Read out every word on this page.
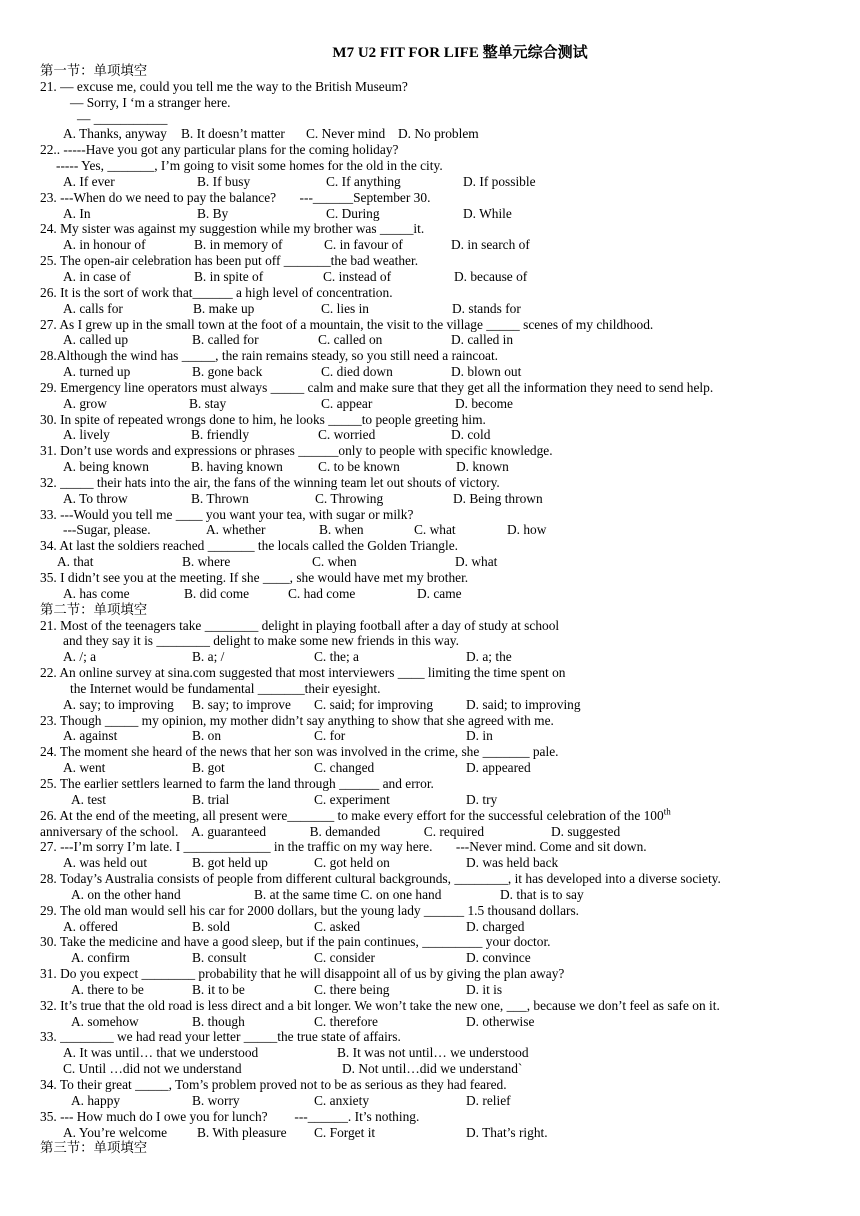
M7 U2 FIT FOR LIFE 整单元综合测试
第一节：单项填空
21. — excuse me, could you tell me the way to the British Museum?
— Sorry, I ‘m a stranger here.
— ___________
A. Thanks, anyway B. It doesn’t matter C. Never mind D. No problem
22.. -----Have you got any particular plans for the coming holiday?
----- Yes, _______, I’m going to visit some homes for the old in the city.
A. If ever	B. If busy	C. If anything	D. If possible
23. ---When do we need to pay the balance?       ---______September 30.
A. In	B. By	C. During	D. While
24. My sister was against my suggestion while my brother was _____it.
A. in honour of	B. in memory of	C. in favour of	D. in search of
25. The open-air celebration has been put off _______the bad weather.
A. in case of	B. in spite of	C. instead of	D. because of
26. It is the sort of work that______ a high level of concentration.
A. calls for	B. make up	C. lies in	D. stands for
27. As I grew up in the small town at the foot of a mountain, the visit to the village _____ scenes of my childhood.
A. called up	B. called for	C. called on	D. called in
28.Although the wind has _____, the rain remains steady, so you still need a raincoat.
A. turned up	B. gone back	C. died down	D. blown out
29. Emergency line operators must always _____ calm and make sure that they get all the information they need to send help.
A. grow	B. stay	C. appear	D. become
30. In spite of repeated wrongs done to him, he looks _____to people greeting him.
A. lively	B. friendly	C. worried	D. cold
31. Don’t use words and expressions or phrases ______only to people with specific knowledge.
A. being known	B. having known	C. to be known	D. known
32. _____ their hats into the air, the fans of the winning team let out shouts of victory.
A. To throw	B. Thrown	C. Throwing	D. Being thrown
33. ---Would you tell me ____ you want your tea, with sugar or milk?
---Sugar, please.	A. whether	B. when	C. what	D. how
34. At last the soldiers reached _______ the locals called the Golden Triangle.
A. that	B. where	C. when	D. what
35. I didn’t see you at the meeting. If she ____, she would have met my brother.
A. has come	B. did come	C. had come	D. came
第二节：单项填空
21. Most of the teenagers take ________ delight in playing football after a day of study at school
and they say it is ________ delight to make some new friends in this way.
A. /; a	B. a; /	C. the; a	D. a; the
22. An online survey at sina.com suggested that most interviewers ____ limiting the time spent on
the Internet would be fundamental _______their eyesight.
A. say; to improving B. say; to improve C. said; for improving D. said; to improving
23. Though _____ my opinion, my mother didn’t say anything to show that she agreed with me.
A. against	B. on	C. for	D. in
24. The moment she heard of the news that her son was involved in the crime, she _______ pale.
A. went	B. got	C. changed	D. appeared
25. The earlier settlers learned to farm the land through ______ and error.
A. test	B. trial	C. experiment	D. try
26. At the end of the meeting, all present were_______ to make every effort for the successful celebration of the 100th
anniversary of the school.    A. guaranteed             B. demanded             C. required                    D. suggested
27. ---I’m sorry I’m late. I _____________ in the traffic on my way here.       ---Never mind. Come and sit down.
A. was held out	B. got held up	C. got held on	D. was held back
28. Today’s Australia consists of people from different cultural backgrounds, ________, it has developed into a diverse society.
A. on the other hand	B. at the same time C. on one hand	D. that is to say
29. The old man would sell his car for 2000 dollars, but the young lady ______ 1.5 thousand dollars.
A. offered	B. sold	C. asked	D. charged
30. Take the medicine and have a good sleep, but if the pain continues, _________ your doctor.
A. confirm	B. consult	C. consider	D. convince
31. Do you expect ________ probability that he will disappoint all of us by giving the plan away?
A. there to be	B. it to be	C. there being	D. it is
32. It’s true that the old road is less direct and a bit longer. We won’t take the new one, ___, because we don’t feel as safe on it.
A. somehow	B. though	C. therefore	D. otherwise
33. ________ we had read your letter _____the true state of affairs.
A. It was until… that we understood	B. It was not until… we understood
C. Until …did not we understand	D. Not until…did we understand`
34. To their great _____, Tom’s problem proved not to be as serious as they had feared.
A. happy	B. worry	C. anxiety	D. relief
35. --- How much do I owe you for lunch?        ---______. It’s nothing.
A. You’re welcome B. With pleasure C. Forget it	D. That’s right.
第三节：单项填空
